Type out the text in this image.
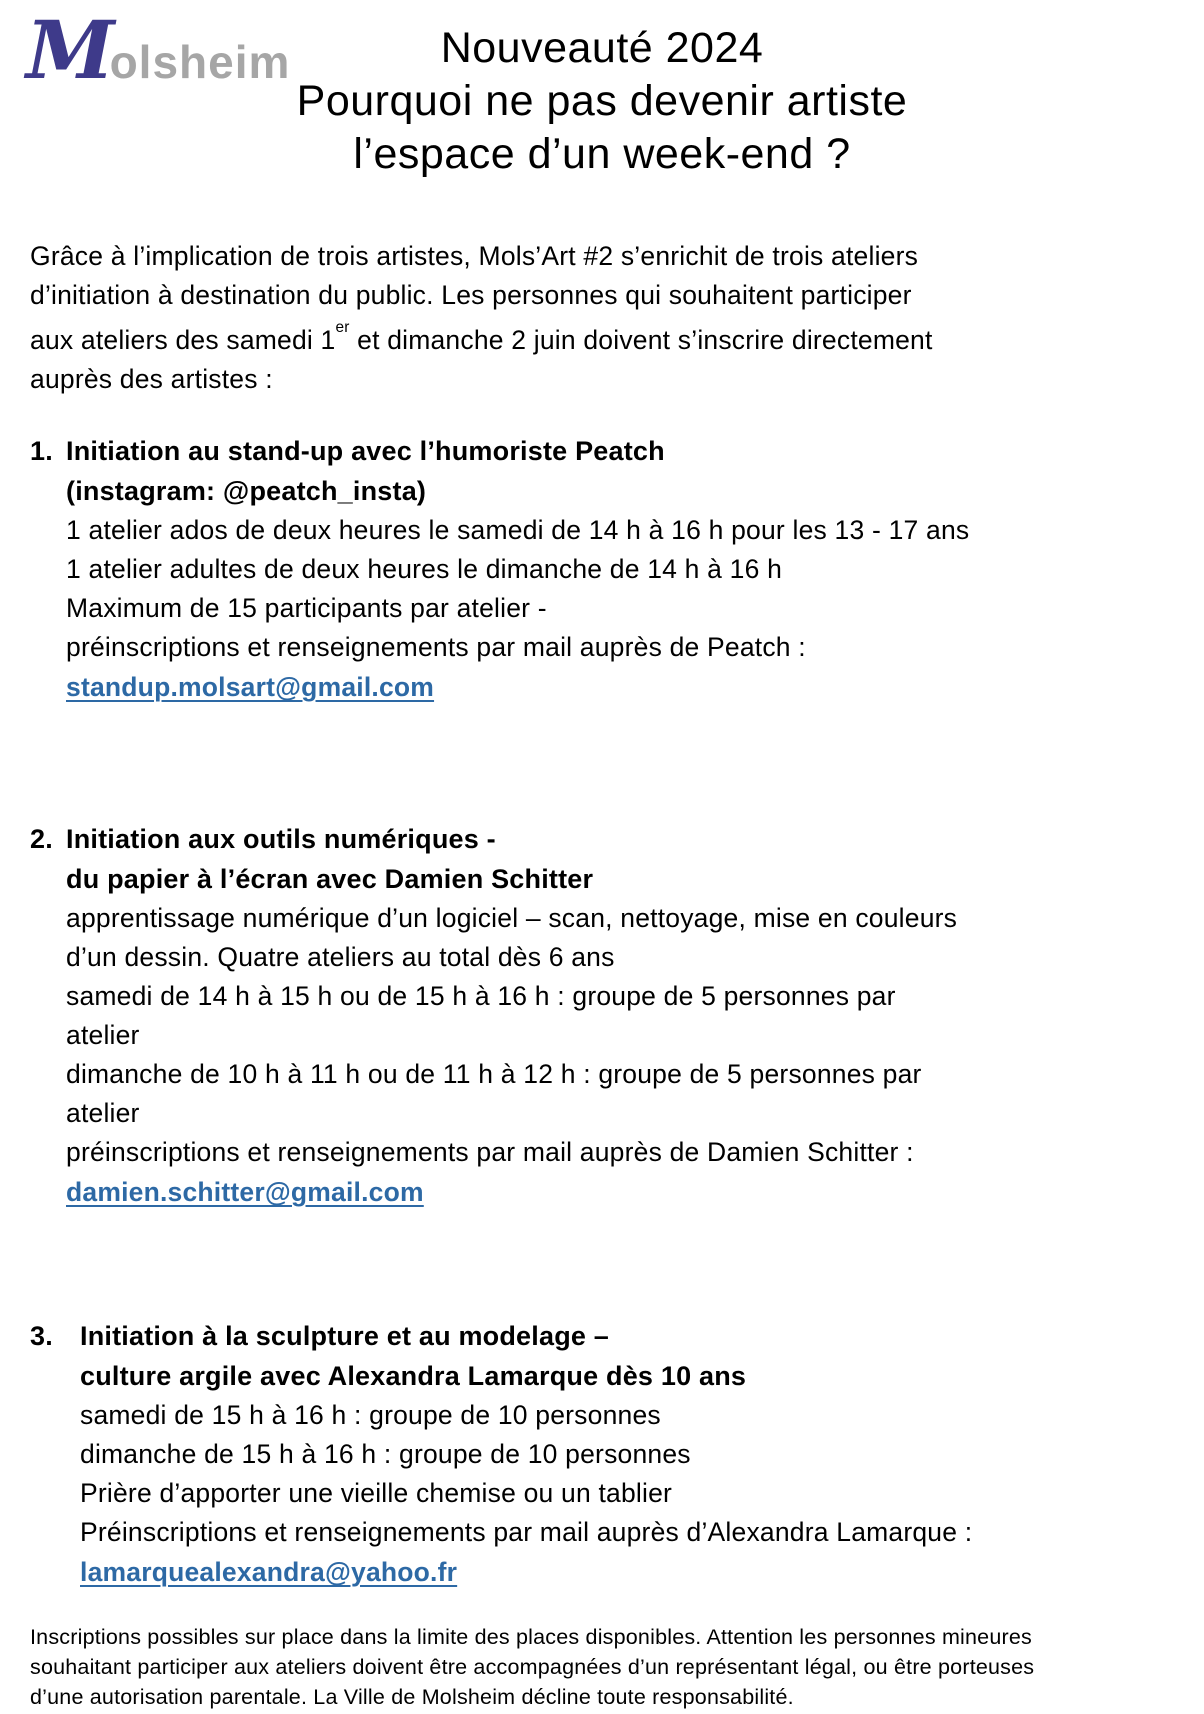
M
olsheim	Nouveauté 2024
Pourquoi ne pas devenir artiste
l’espace d’un week-end ?
Grâce à l’implication de trois artistes, Mols’Art #2 s’enrichit de trois ateliers
d’initiation à destination du public. Les personnes qui souhaitent participer
aux ateliers des samedi 1er et dimanche 2 juin doivent s’inscrire directement
auprès des artistes :
1. Initiation au stand-up avec l’humoriste Peatch
(instagram: @peatch_insta)
1 atelier ados de deux heures le samedi de 14 h à 16 h pour les 13 - 17 ans
1 atelier adultes de deux heures le dimanche de 14 h à 16 h
Maximum de 15 participants par atelier -
préinscriptions et renseignements par mail auprès de Peatch :
standup.molsart@gmail.com
2. Initiation aux outils numériques -
du papier à l’écran avec Damien Schitter
apprentissage numérique d’un logiciel – scan, nettoyage, mise en couleurs
d’un dessin. Quatre ateliers au total dès 6 ans
samedi de 14 h à 15 h ou de 15 h à 16 h : groupe de 5 personnes par
atelier
dimanche de 10 h à 11 h ou de 11 h à 12 h : groupe de 5 personnes par
atelier
préinscriptions et renseignements par mail auprès de Damien Schitter :
damien.schitter@gmail.com
3.	Initiation à la sculpture et au modelage –
culture argile avec Alexandra Lamarque dès 10 ans
samedi de 15 h à 16 h : groupe de 10 personnes
dimanche de 15 h à 16 h : groupe de 10 personnes
Prière d’apporter une vieille chemise ou un tablier
Préinscriptions et renseignements par mail auprès d’Alexandra Lamarque :
lamarquealexandra@yahoo.fr
Inscriptions possibles sur place dans la limite des places disponibles. Attention les personnes mineures
souhaitant participer aux ateliers doivent être accompagnées d’un représentant légal, ou être porteuses
d’une autorisation parentale. La Ville de Molsheim décline toute responsabilité.
